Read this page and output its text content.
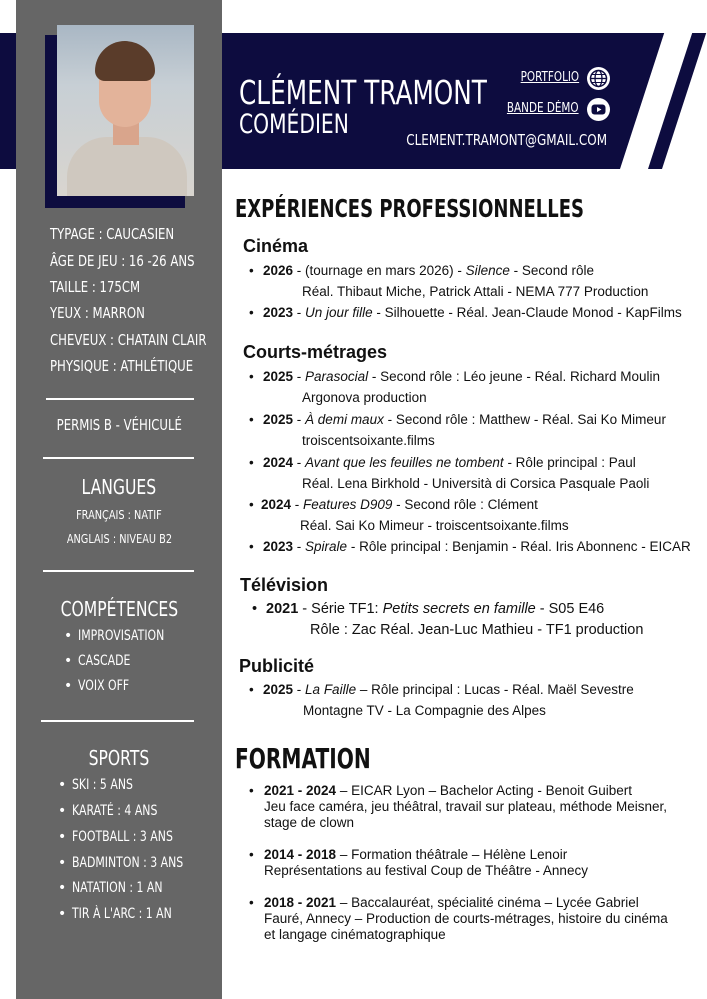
TYPAGE : CAUCASIEN
ÂGE DE JEU : 16 -26 ANS
TAILLE : 175CM
YEUX : MARRON
CHEVEUX : CHATAIN CLAIR
PHYSIQUE : ATHLÉTIQUE
PERMIS B - VÉHICULÉ
LANGUES
FRANÇAIS : NATIF
ANGLAIS : NIVEAU B2
COMPÉTENCES
• IMPROVISATION
• CASCADE
• VOIX OFF
SPORTS
• SKI : 5 ANS
• KARATÉ : 4 ANS
• FOOTBALL : 3 ANS
• BADMINTON : 3 ANS
• NATATION : 1 AN
• TIR À L'ARC : 1 AN
CLÉMENT TRAMONT
COMÉDIEN
PORTFOLIO
BANDE DÉMO
CLEMENT.TRAMONT@GMAIL.COM
EXPÉRIENCES PROFESSIONNELLES
Cinéma
• 2026 - (tournage en mars 2026) - Silence - Second rôle
Réal. Thibaut Miche, Patrick Attali - NEMA 777 Production
• 2023 - Un jour fille - Silhouette - Réal. Jean-Claude Monod - KapFilms
Courts-métrages
• 2025 - Parasocial - Second rôle : Léo jeune - Réal. Richard Moulin
Argonova production
• 2025 - À demi maux - Second rôle : Matthew - Réal. Sai Ko Mimeur
troiscentsoixante.films
• 2024 - Avant que les feuilles ne tombent - Rôle principal : Paul
Réal. Lena Birkhold - Università di Corsica Pasquale Paoli
• 2024 - Features D909 - Second rôle : Clément
Réal. Sai Ko Mimeur - troiscentsoixante.films
• 2023 - Spirale - Rôle principal : Benjamin - Réal. Iris Abonnenc - EICAR
Télévision
• 2021 - Série TF1: Petits secrets en famille - S05 E46
Rôle : Zac Réal. Jean-Luc Mathieu - TF1 production
Publicité
• 2025 - La Faille – Rôle principal : Lucas - Réal. Maël Sevestre
Montagne TV - La Compagnie des Alpes
FORMATION
• 2021 - 2024 – EICAR Lyon – Bachelor Acting - Benoit Guibert
Jeu face caméra, jeu théâtral, travail sur plateau, méthode Meisner,
stage de clown
• 2014 - 2018 – Formation théâtrale – Hélène Lenoir
Représentations au festival Coup de Théâtre - Annecy
• 2018 - 2021 – Baccalauréat, spécialité cinéma – Lycée Gabriel
Fauré, Annecy – Production de courts-métrages, histoire du cinéma
et langage cinématographique
